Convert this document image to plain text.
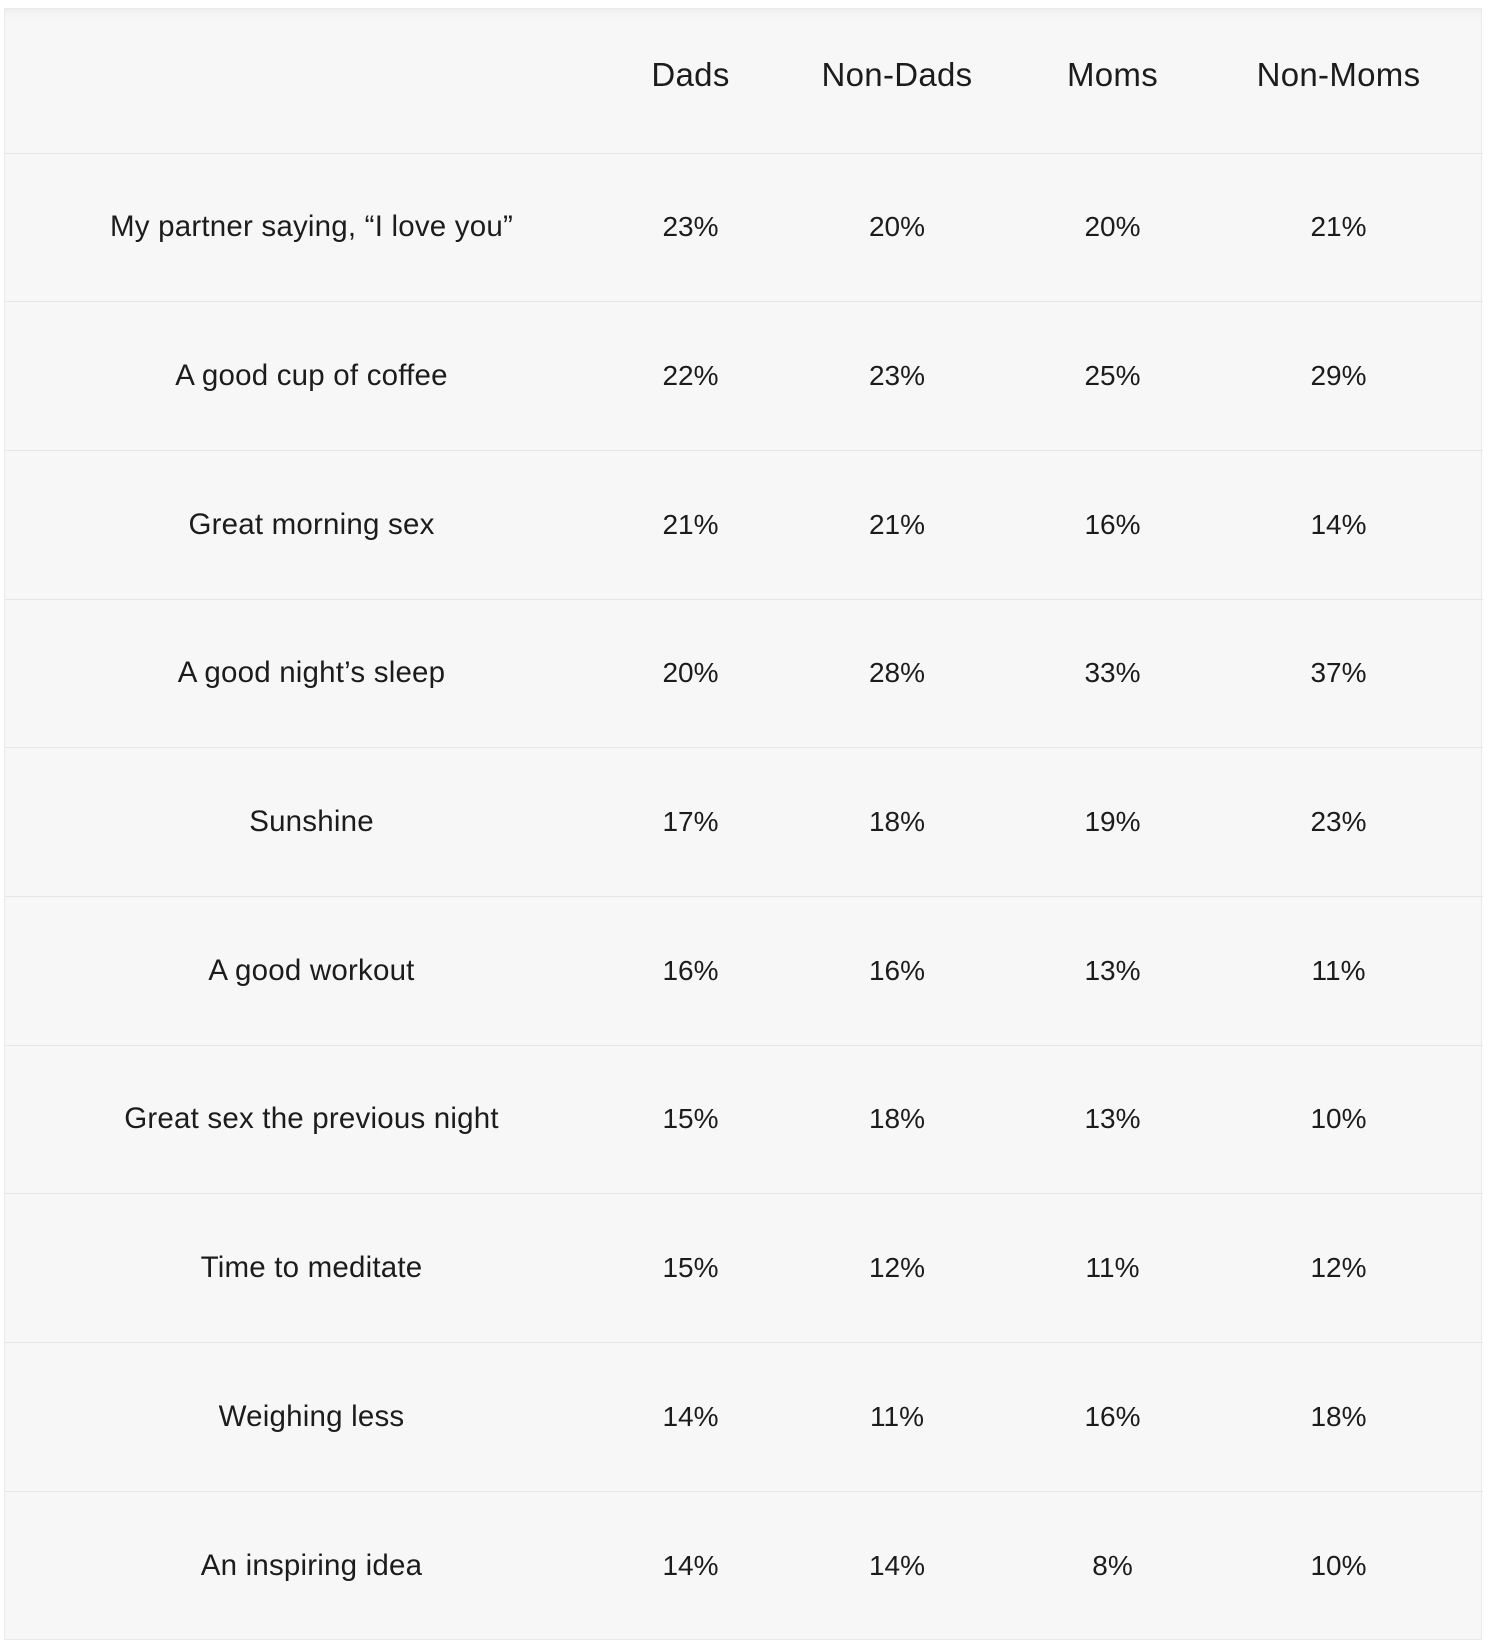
	Dads	Non-Dads	Moms	Non-Moms
My partner saying, “I love you”	23%	20%	20%	21%
A good cup of coffee	22%	23%	25%	29%
Great morning sex	21%	21%	16%	14%
A good night’s sleep	20%	28%	33%	37%
Sunshine	17%	18%	19%	23%
A good workout	16%	16%	13%	11%
Great sex the previous night	15%	18%	13%	10%
Time to meditate	15%	12%	11%	12%
Weighing less	14%	11%	16%	18%
An inspiring idea	14%	14%	8%	10%
